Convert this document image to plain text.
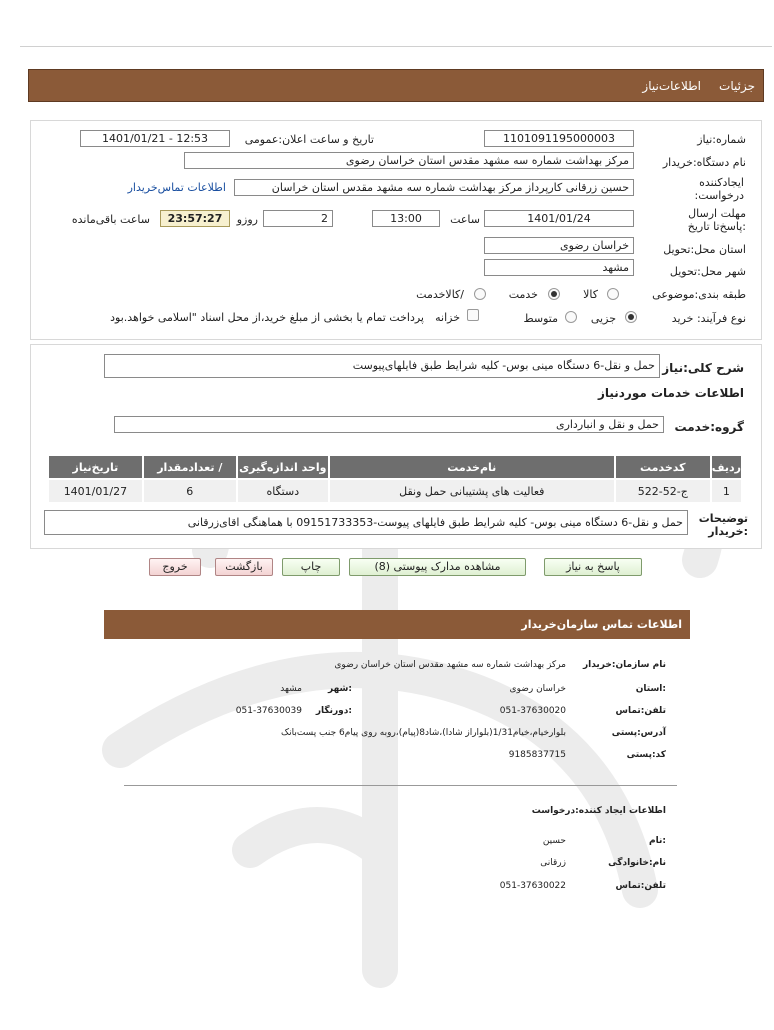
جزئیات
اطلاعات‌نیاز
شماره:نیاز
1101091195000003
تاریخ و ساعت اعلان:عمومی
1401/01/21 - 12:53
نام دستگاه:خریدار
مرکز بهداشت شماره سه مشهد مقدس استان خراسان رضوی
ایجادکننده درخواست:
حسین زرقانی کارپرداز مرکز بهداشت شماره سه مشهد مقدس استان خراسان
اطلاعات تماس‌خریدار
مهلت ارسال :پاسخ‌تا تاریخ
1401/01/24
ساعت
13:00
2
روزو
23:57:27
ساعت باقی‌مانده
استان محل:تحویل
خراسان رضوی
شهر محل:تحویل
مشهد
طبقه بندی:موضوعی
کالا
خدمت
/کالاخدمت
نوع فرآیند: خرید
جزیی
متوسط
خزانه
پرداخت تمام یا بخشی از مبلغ خرید،از محل اسناد "اسلامی خواهد.بود
شرح کلی:نیاز
حمل و نقل-6 دستگاه مینی بوس- کلیه شرایط طبق فایلهای‌پیوست
اطلاعات خدمات موردنیاز
گروه:خدمت
حمل و نقل و انبارداری
ردیف	کدخدمت	نام‌خدمت	واحد اندازه‌گیری	/ تعدادمقدار	تاریخ‌نیاز
1	ج-52-522	فعالیت های پشتیبانی حمل ونقل	دستگاه	6	1401/01/27
توضیحات :خریدار
حمل و نقل-6 دستگاه مینی بوس- کلیه شرایط طبق فایلهای پیوست-09151733353 با هماهنگی اقای‌زرقانی
پاسخ به نیاز
مشاهده مدارک پیوستی (8)
چاپ
بازگشت
خروج
اطلاعات تماس سازمان‌خریدار
نام سازمان:خریدار
مرکز بهداشت شماره سه مشهد مقدس استان خراسان رضوی
:استان
خراسان رضوی
:شهر
مشهد
تلفن:تماس
051-37630020
:دورنگار
051-37630039
آدرس:پستی
بلوارخیام،خیام1/31(بلواراز شادا)،شاد8(پیام)،روبه روی پیام6 جنب پست‌بانک
کد:پستی
9185837715
اطلاعات ایجاد کننده:درخواست
:نام
حسین
نام:خانوادگی
زرقانی
تلفن:تماس
051-37630022
